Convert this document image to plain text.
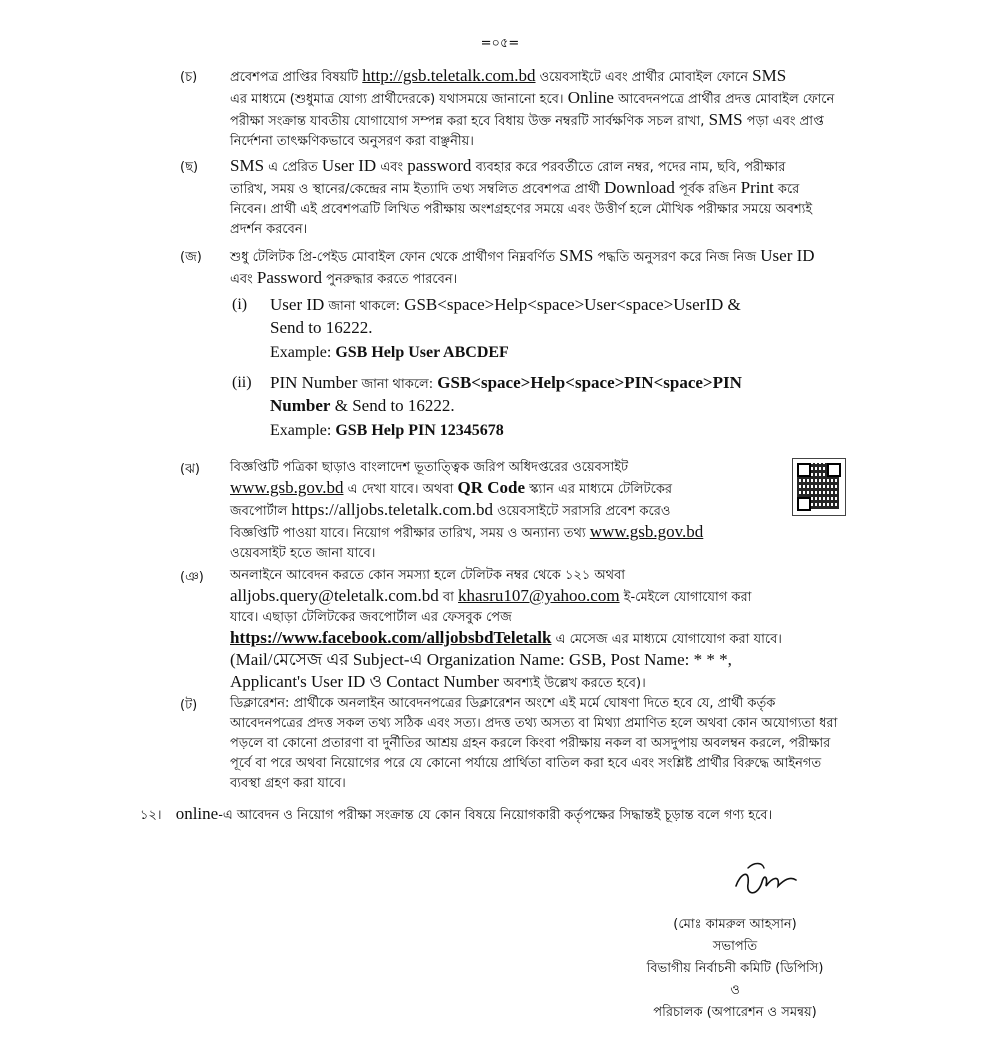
=০৫=
(চ)	প্রবেশপত্র প্রাপ্তির বিষয়টি http://gsb.teletalk.com.bd ওয়েবসাইটে এবং প্রার্থীর মোবাইল ফোনে SMS
এর মাধ্যমে (শুধুমাত্র যোগ্য প্রার্থীদেরকে) যথাসময়ে জানানো হবে। Online আবেদনপত্রে প্রার্থীর প্রদত্ত মোবাইল ফোনে
পরীক্ষা সংক্রান্ত যাবতীয় যোগাযোগ সম্পন্ন করা হবে বিধায় উক্ত নম্বরটি সার্বক্ষণিক সচল রাখা, SMS পড়া এবং প্রাপ্ত
নির্দেশনা তাৎক্ষণিকভাবে অনুসরণ করা বাঞ্ছনীয়।
(ছ) SMS এ প্রেরিত User ID এবং password ব্যবহার করে পরবর্তীতে রোল নম্বর, পদের নাম, ছবি, পরীক্ষার
তারিখ, সময় ও স্থানের/কেন্দ্রের নাম ইত্যাদি তথ্য সম্বলিত প্রবেশপত্র প্রার্থী Download পূর্বক রঙিন Print করে
নিবেন। প্রার্থী এই প্রবেশপত্রটি লিখিত পরীক্ষায় অংশগ্রহণের সময়ে এবং উত্তীর্ণ হলে মৌখিক পরীক্ষার সময়ে অবশ্যই
প্রদর্শন করবেন।
(জ) শুধু টেলিটক প্রি-পেইড মোবাইল ফোন থেকে প্রার্থীগণ নিম্নবর্ণিত SMS পদ্ধতি অনুসরণ করে নিজ নিজ User ID
এবং Password পুনরুদ্ধার করতে পারবেন।
(i) User ID জানা থাকলে: GSB<space>Help<space>User<space>UserID &
Send to 16222.
Example: GSB Help User ABCDEF
(ii) PIN Number জানা থাকলে: GSB<space>Help<space>PIN<space>PIN
Number & Send to 16222.
Example: GSB Help PIN 12345678
(ঝ) বিজ্ঞপ্তিটি পত্রিকা ছাড়াও বাংলাদেশ ভূতাত্ত্বিক জরিপ অধিদপ্তরের ওয়েবসাইট
www.gsb.gov.bd এ দেখা যাবে। অথবা QR Code স্ক্যান এর মাধ্যমে টেলিটকের
জবপোর্টাল https://alljobs.teletalk.com.bd ওয়েবসাইটে সরাসরি প্রবেশ করেও
বিজ্ঞপ্তিটি পাওয়া যাবে। নিয়োগ পরীক্ষার তারিখ, সময় ও অন্যান্য তথ্য www.gsb.gov.bd
ওয়েবসাইট হতে জানা যাবে।
(ঞ) অনলাইনে আবেদন করতে কোন সমস্যা হলে টেলিটক নম্বর থেকে ১২১ অথবা
alljobs.query@teletalk.com.bd বা khasru107@yahoo.com ই-মেইলে যোগাযোগ করা
যাবে। এছাড়া টেলিটকের জবপোর্টাল এর ফেসবুক পেজ
https://www.facebook.com/alljobsbdTeletalk এ মেসেজ এর মাধ্যমে যোগাযোগ করা যাবে।
(Mail/মেসেজ এর Subject-এ Organization Name: GSB, Post Name: * * *,
Applicant's User ID ও Contact Number অবশ্যই উল্লেখ করতে হবে)।
(ট)	ডিক্লারেশন: প্রার্থীকে অনলাইন আবেদনপত্রের ডিক্লারেশন অংশে এই মর্মে ঘোষণা দিতে হবে যে, প্রার্থী কর্তৃক
আবেদনপত্রের প্রদত্ত সকল তথ্য সঠিক এবং সত্য। প্রদত্ত তথ্য অসত্য বা মিথ্যা প্রমাণিত হলে অথবা কোন অযোগ্যতা ধরা
পড়লে বা কোনো প্রতারণা বা দুর্নীতির আশ্রয় গ্রহন করলে কিংবা পরীক্ষায় নকল বা অসদুপায় অবলম্বন করলে, পরীক্ষার
পূর্বে বা পরে অথবা নিয়োগের পরে যে কোনো পর্যায়ে প্রার্থিতা বাতিল করা হবে এবং সংশ্লিষ্ট প্রার্থীর বিরুদ্ধে আইনগত
ব্যবস্থা গ্রহণ করা যাবে।
১২। online-এ আবেদন ও নিয়োগ পরীক্ষা সংক্রান্ত যে কোন বিষয়ে নিয়োগকারী কর্তৃপক্ষের সিদ্ধান্তই চূড়ান্ত বলে গণ্য হবে।
(মোঃ কামরুল আহসান)
সভাপতি
বিভাগীয় নির্বাচনী কমিটি (ডিপিসি)
ও
পরিচালক (অপারেশন ও সমন্বয়)
